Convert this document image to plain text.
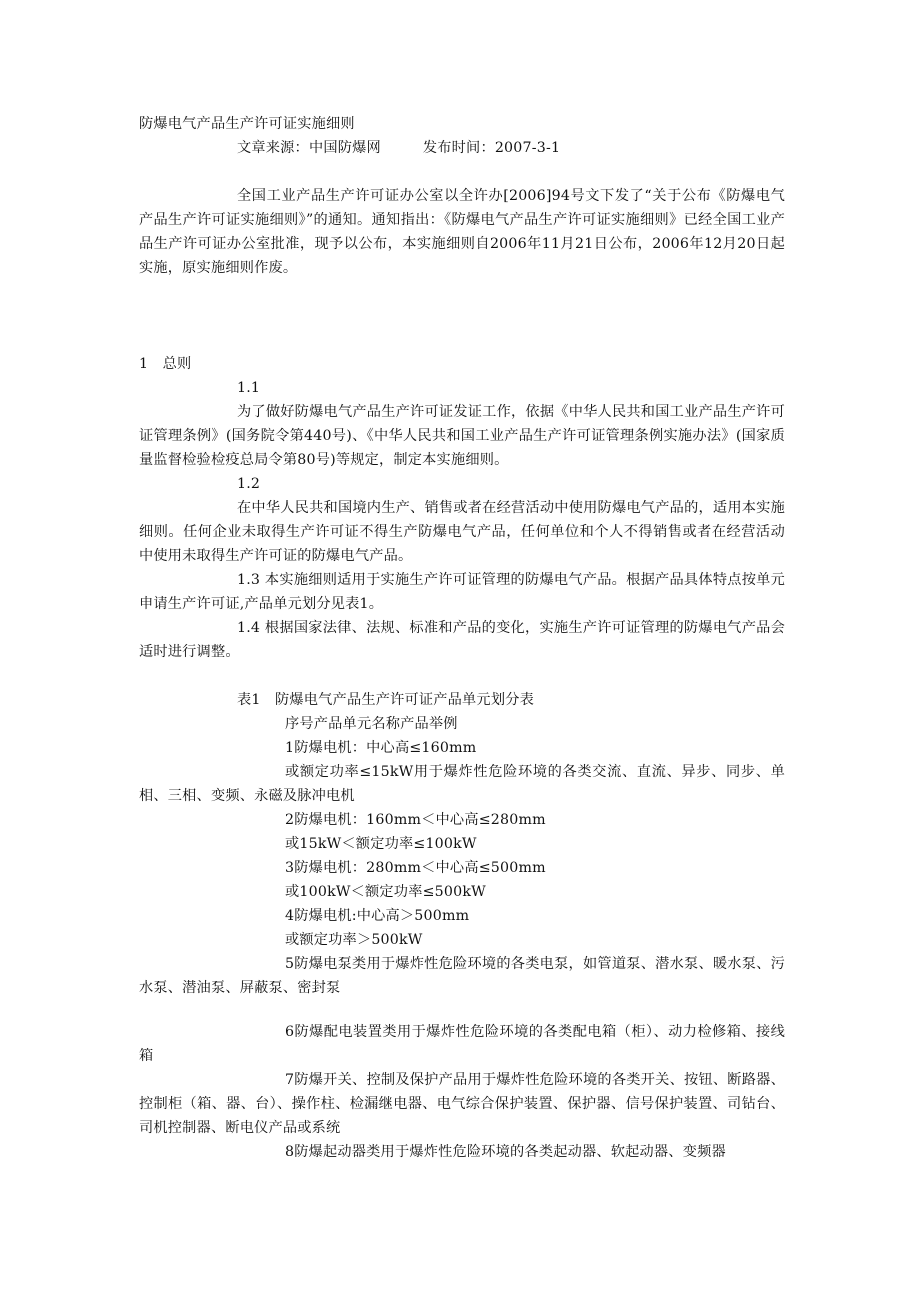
防爆电气产品生产许可证实施细则
文章来源：中国防爆网	发布时间：2007-3-1
全国工业产品生产许可证办公室以全许办[2006]94号文下发了“关于公布《防爆电气产品生产许可证实施细则》”的通知。通知指出：《防爆电气产品生产许可证实施细则》已经全国工业产品生产许可证办公室批准，现予以公布，本实施细则自2006年11月21日公布，2006年12月20日起实施，原实施细则作废。
1　总则
1.1
为了做好防爆电气产品生产许可证发证工作，依据《中华人民共和国工业产品生产许可证管理条例》(国务院令第440号)、《中华人民共和国工业产品生产许可证管理条例实施办法》(国家质量监督检验检疫总局令第80号)等规定，制定本实施细则。
1.2
在中华人民共和国境内生产、销售或者在经营活动中使用防爆电气产品的，适用本实施细则。任何企业未取得生产许可证不得生产防爆电气产品，任何单位和个人不得销售或者在经营活动中使用未取得生产许可证的防爆电气产品。
1.3 本实施细则适用于实施生产许可证管理的防爆电气产品。根据产品具体特点按单元申请生产许可证,产品单元划分见表1。
1.4 根据国家法律、法规、标准和产品的变化，实施生产许可证管理的防爆电气产品会适时进行调整。
表1　防爆电气产品生产许可证产品单元划分表
序号产品单元名称产品举例
1防爆电机：中心高≤160mm
或额定功率≤15kW用于爆炸性危险环境的各类交流、直流、异步、同步、单相、三相、变频、永磁及脉冲电机
2防爆电机：160mm＜中心高≤280mm
或15kW＜额定功率≤100kW
3防爆电机：280mm＜中心高≤500mm
或100kW＜额定功率≤500kW
4防爆电机:中心高＞500mm
或额定功率＞500kW
5防爆电泵类用于爆炸性危险环境的各类电泵，如管道泵、潜水泵、暖水泵、污水泵、潜油泵、屏蔽泵、密封泵
6防爆配电装置类用于爆炸性危险环境的各类配电箱（柜）、动力检修箱、接线箱
7防爆开关、控制及保护产品用于爆炸性危险环境的各类开关、按钮、断路器、控制柜（箱、器、台）、操作柱、检漏继电器、电气综合保护装置、保护器、信号保护装置、司钻台、司机控制器、断电仪产品或系统
8防爆起动器类用于爆炸性危险环境的各类起动器、软起动器、变频器
